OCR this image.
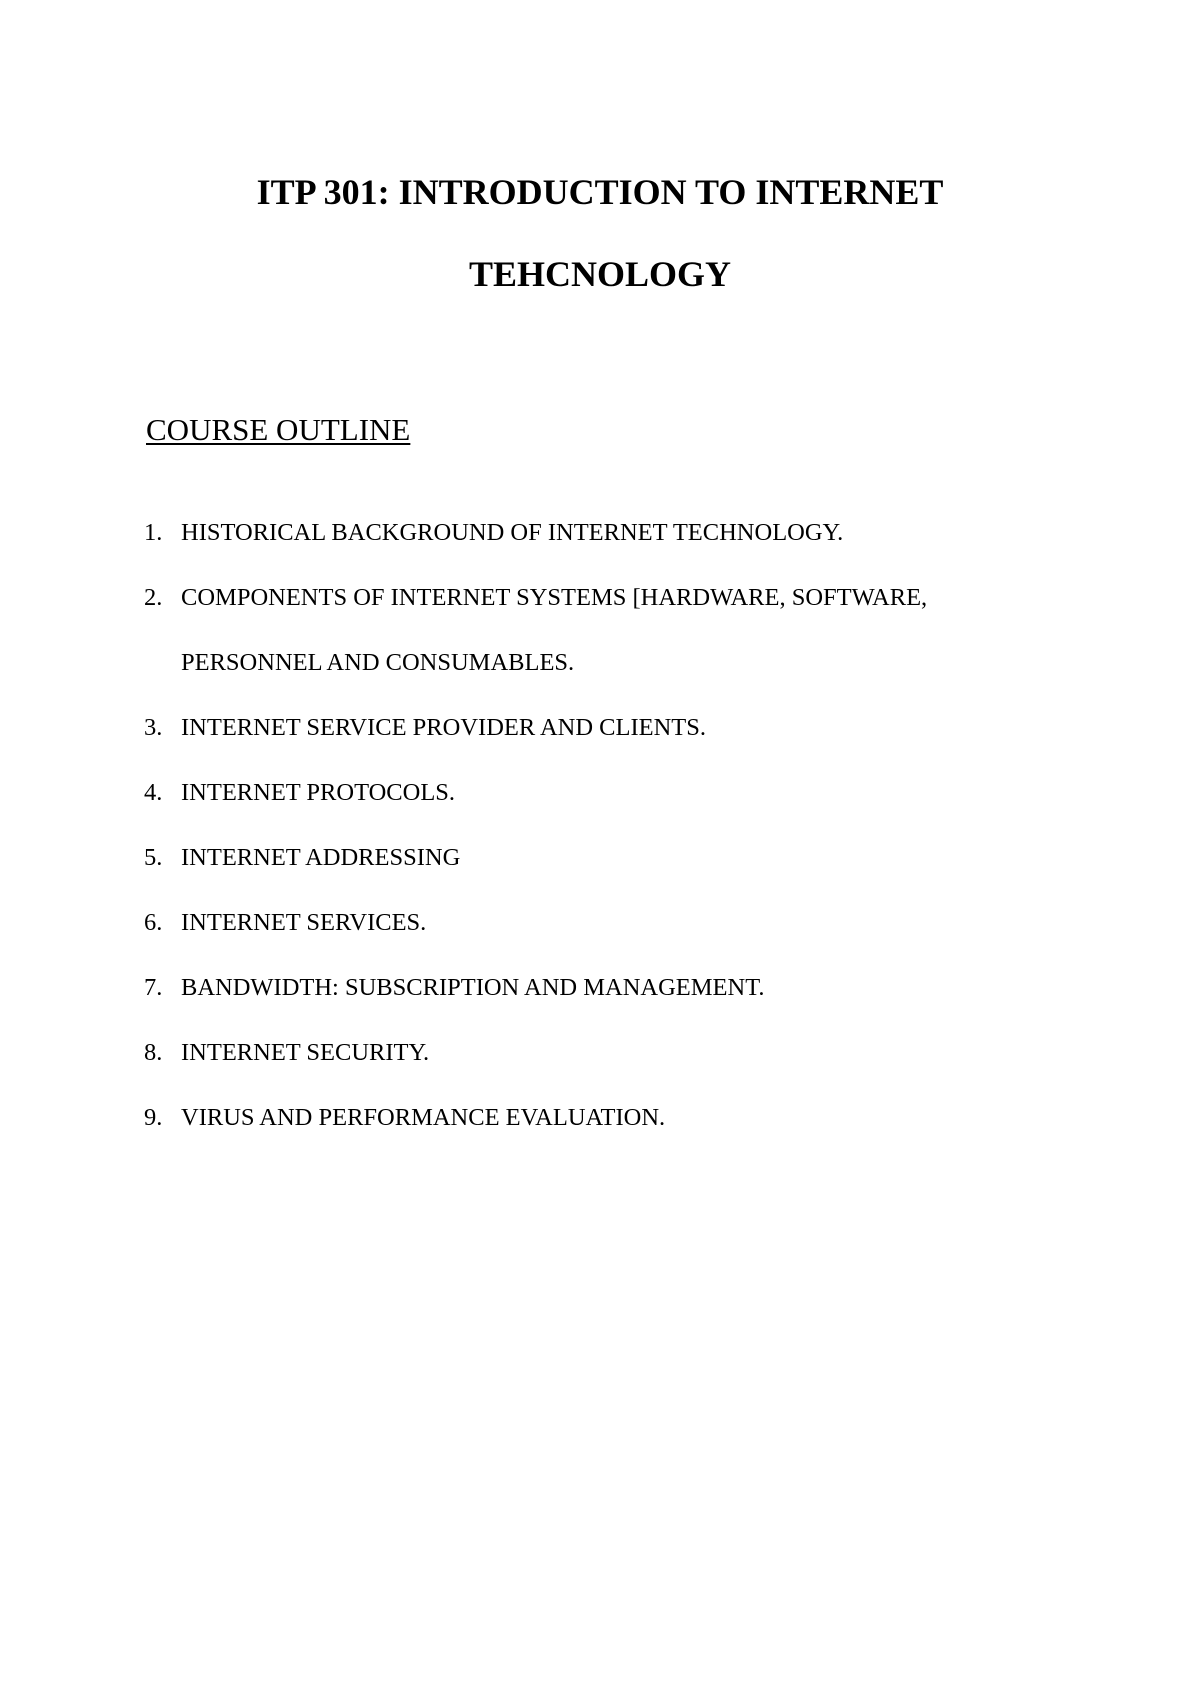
ITP 301: INTRODUCTION TO INTERNET
TEHCNOLOGY
COURSE OUTLINE
1. HISTORICAL BACKGROUND OF INTERNET TECHNOLOGY.
2. COMPONENTS OF INTERNET SYSTEMS [HARDWARE, SOFTWARE,
PERSONNEL AND CONSUMABLES.
3. INTERNET SERVICE PROVIDER AND CLIENTS.
4. INTERNET PROTOCOLS.
5. INTERNET ADDRESSING
6. INTERNET SERVICES.
7. BANDWIDTH: SUBSCRIPTION AND MANAGEMENT.
8. INTERNET SECURITY.
9. VIRUS AND PERFORMANCE EVALUATION.
